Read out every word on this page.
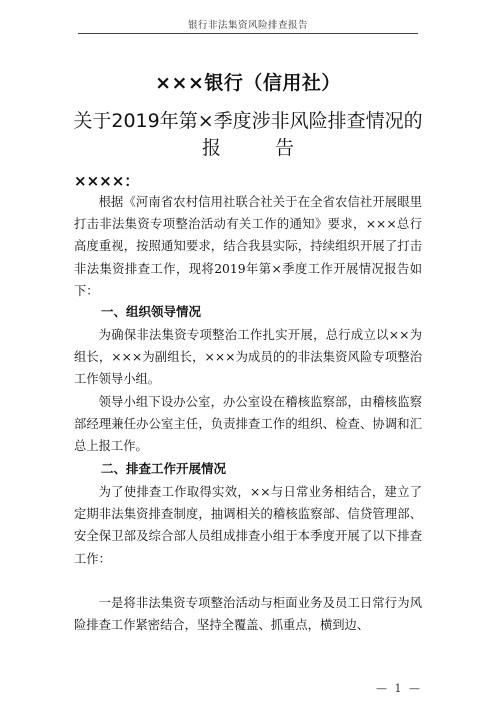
银行非法集资风险排查报告
×××银行（信用社）
关于2019年第×季度涉非风险排查情况的
报告
××××：
根据《河南省农村信用社联合社关于在全省农信社开展眼里打击非法集资专项整治活动有关工作的通知》要求，×××总行高度重视，按照通知要求，结合我县实际，持续组织开展了打击非法集资排查工作，现将2019年第×季度工作开展情况报告如下：
一、组织领导情况
为确保非法集资专项整治工作扎实开展，总行成立以××为组长，×××为副组长，×××为成员的的非法集资风险专项整治工作领导小组。
领导小组下设办公室，办公室设在稽核监察部，由稽核监察部经理兼任办公室主任，负责排查工作的组织、检查、协调和汇总上报工作。
二、排查工作开展情况
为了使排查工作取得实效，××与日常业务相结合，建立了定期非法集资排查制度，抽调相关的稽核监察部、信贷管理部、安全保卫部及综合部人员组成排查小组于本季度开展了以下排查工作：
一是将非法集资专项整治活动与柜面业务及员工日常行为风险排查工作紧密结合，坚持全覆盖、抓重点，横到边、
— 1 —
